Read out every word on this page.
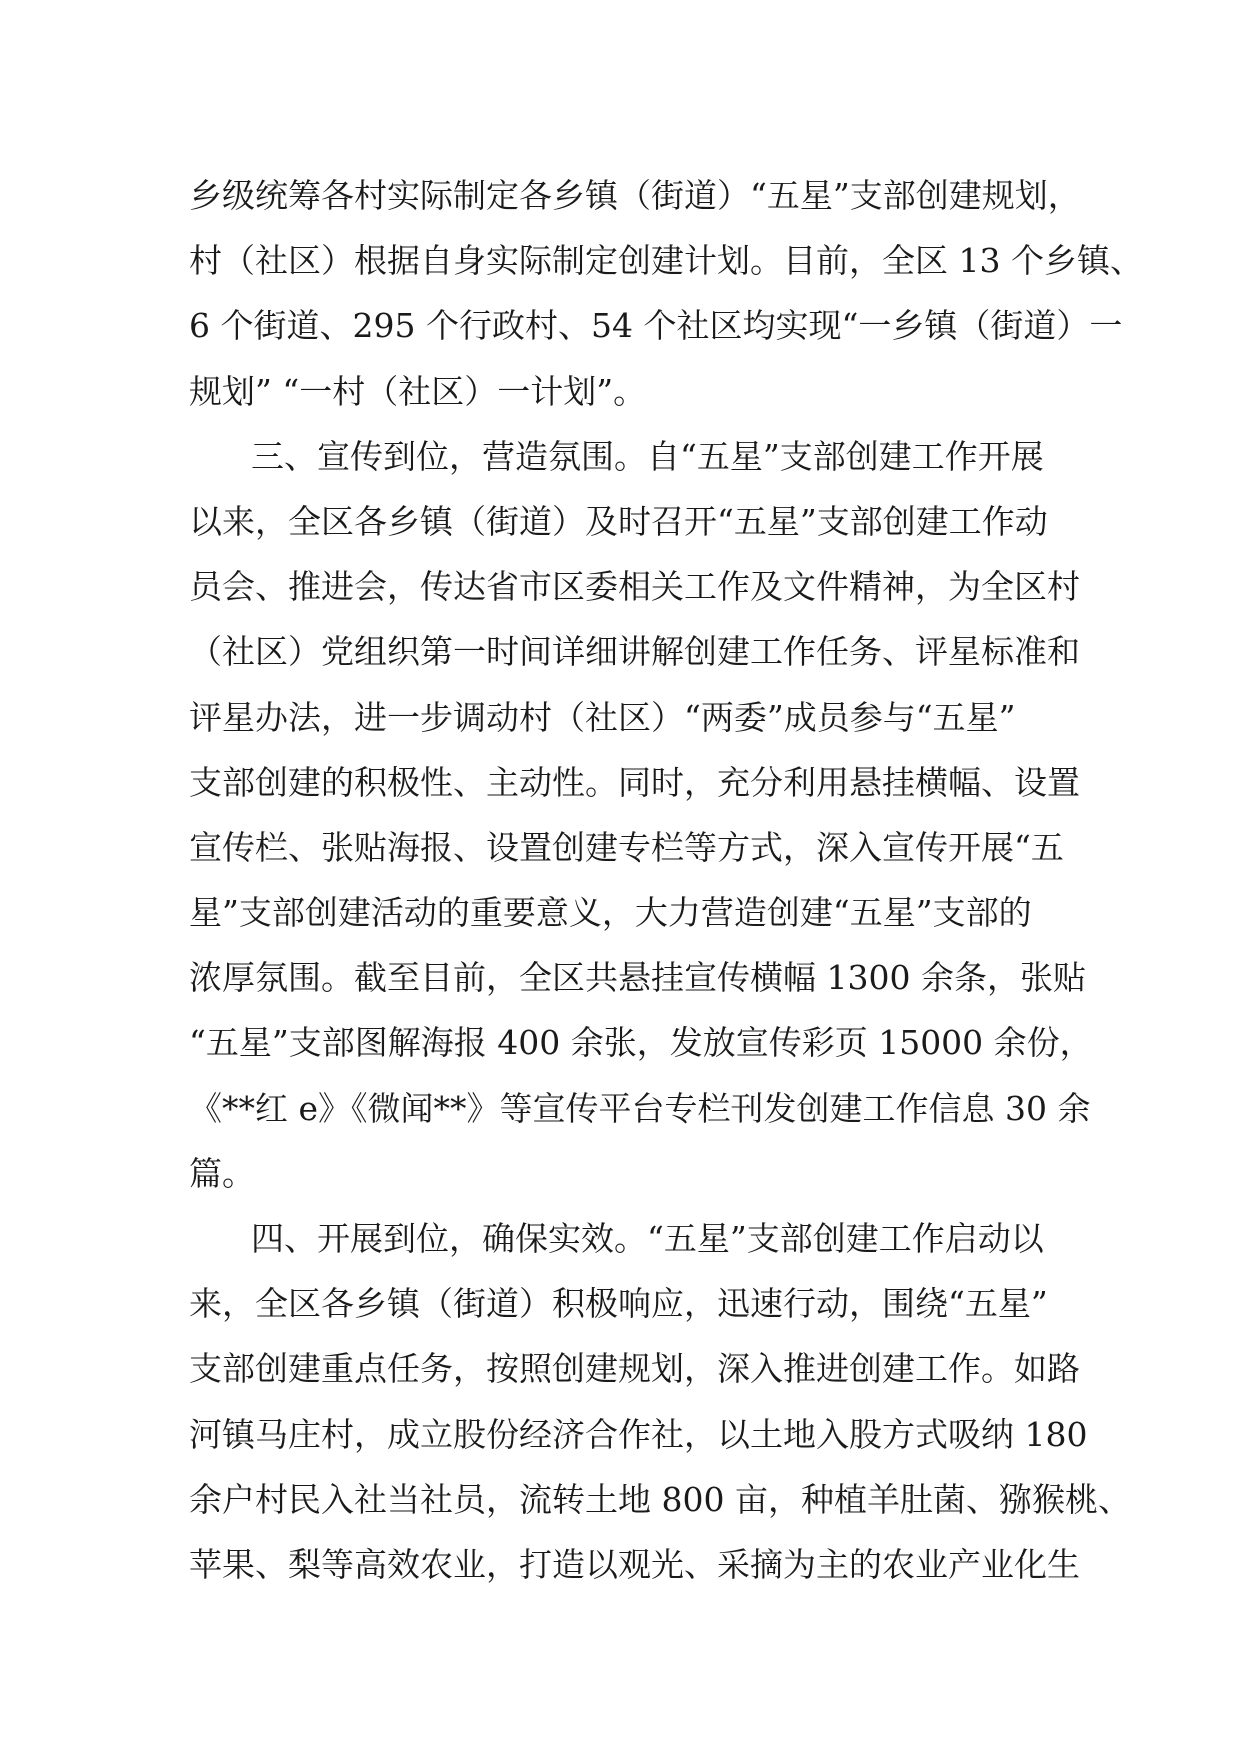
乡级统筹各村实际制定各乡镇（街道）“五星”支部创建规划，
村（社区）根据自身实际制定创建计划。目前，全区 13 个乡镇、
6 个街道、295 个行政村、54 个社区均实现“一乡镇（街道）一
规划” “一村（社区）一计划”。
三、宣传到位，营造氛围。自“五星”支部创建工作开展
以来，全区各乡镇（街道）及时召开“五星”支部创建工作动
员会、推进会，传达省市区委相关工作及文件精神，为全区村
（社区）党组织第一时间详细讲解创建工作任务、评星标准和
评星办法，进一步调动村（社区）“两委”成员参与“五星”
支部创建的积极性、主动性。同时，充分利用悬挂横幅、设置
宣传栏、张贴海报、设置创建专栏等方式，深入宣传开展“五
星”支部创建活动的重要意义，大力营造创建“五星”支部的
浓厚氛围。截至目前，全区共悬挂宣传横幅 1300 余条，张贴
“五星”支部图解海报 400 余张，发放宣传彩页 15000 余份，
《**红 e》《微闻**》等宣传平台专栏刊发创建工作信息 30 余
篇。
四、开展到位，确保实效。“五星”支部创建工作启动以
来，全区各乡镇（街道）积极响应，迅速行动，围绕“五星”
支部创建重点任务，按照创建规划，深入推进创建工作。如路
河镇马庄村，成立股份经济合作社，以土地入股方式吸纳 180
余户村民入社当社员，流转土地 800 亩，种植羊肚菌、猕猴桃、
苹果、梨等高效农业，打造以观光、采摘为主的农业产业化生
